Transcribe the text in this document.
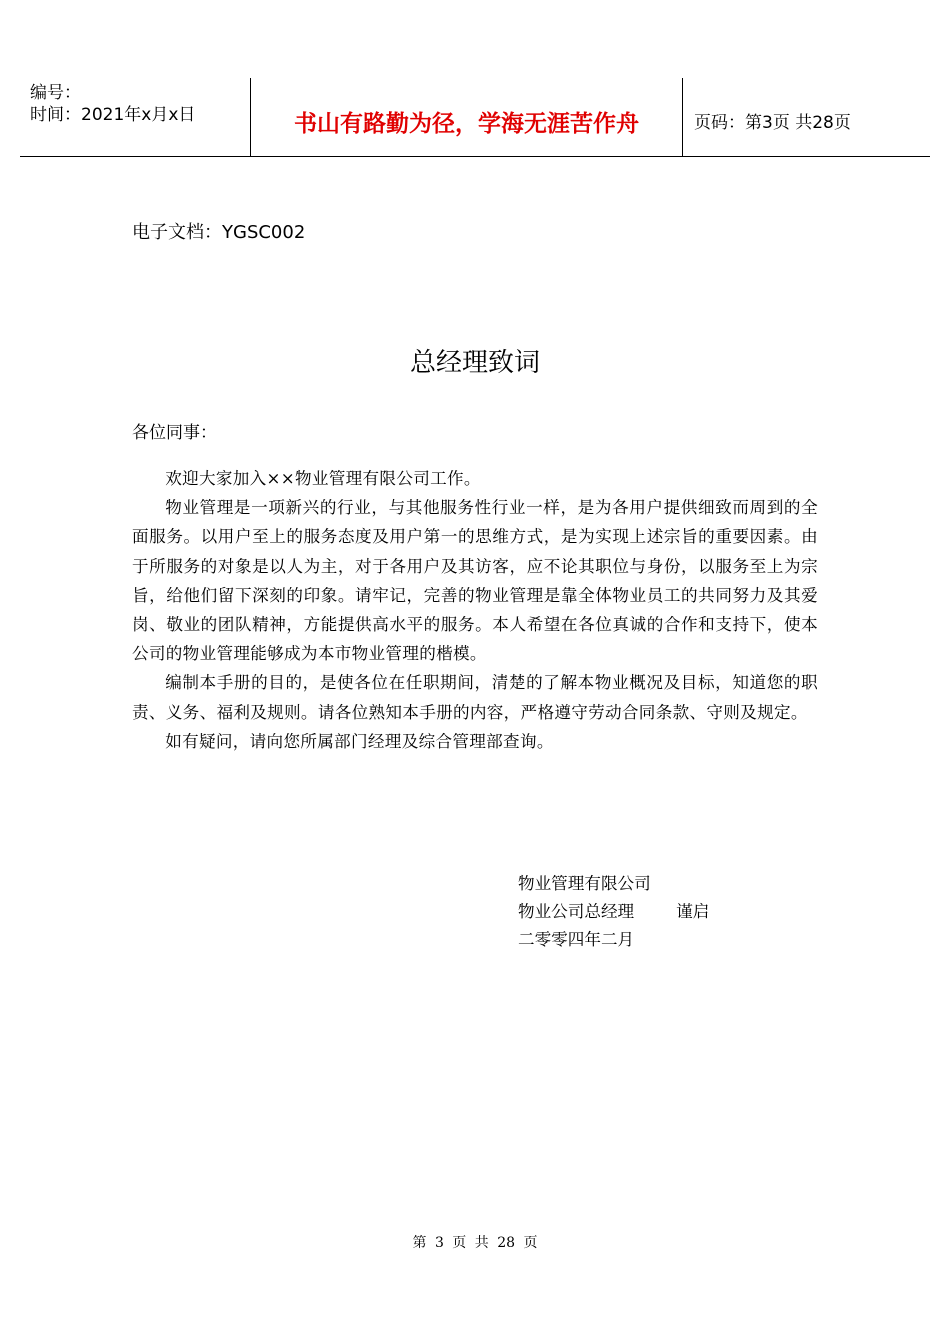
编号：
时间：2021年x月x日	书山有路勤为径，学海无涯苦作舟	页码：第3页 共28页
电子文档：YGSC002
总经理致词
各位同事：

欢迎大家加入××物业管理有限公司工作。

物业管理是一项新兴的行业，与其他服务性行业一样，是为各用户提供细致而周到的全面服务。以用户至上的服务态度及用户第一的思维方式，是为实现上述宗旨的重要因素。由于所服务的对象是以人为主，对于各用户及其访客，应不论其职位与身份，以服务至上为宗旨，给他们留下深刻的印象。请牢记，完善的物业管理是靠全体物业员工的共同努力及其爱岗、敬业的团队精神，方能提供高水平的服务。本人希望在各位真诚的合作和支持下，使本公司的物业管理能够成为本市物业管理的楷模。

编制本手册的目的，是使各位在任职期间，清楚的了解本物业概况及目标，知道您的职责、义务、福利及规则。请各位熟知本手册的内容，严格遵守劳动合同条款、守则及规定。

如有疑问，请向您所属部门经理及综合管理部查询。

物业管理有限公司
物业公司总经理	谨启
二零零四年二月
第 3 页 共 28 页
